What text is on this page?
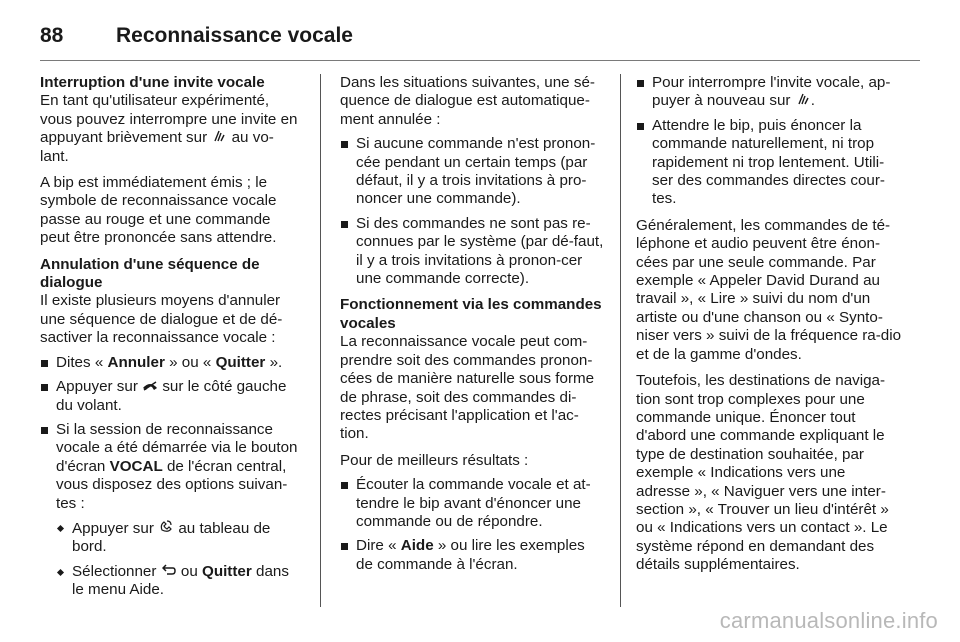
88	Reconnaissance vocale

Interruption d'une invite vocale
En tant qu'utilisateur expérimenté, vous pouvez interrompre une invite en appuyant brièvement sur  au vo-lant.

A bip est immédiatement émis ; le symbole de reconnaissance vocale passe au rouge et une commande peut être prononcée sans attendre.

Annulation d'une séquence de dialogue
Il existe plusieurs moyens d'annuler une séquence de dialogue et de dé-sactiver la reconnaissance vocale :

Dites « Annuler » ou « Quitter ».
Appuyer sur  sur le côté gauche du volant.
Si la session de reconnaissance vocale a été démarrée via le bouton d'écran VOCAL de l'écran central, vous disposez des options suivan-tes :
Appuyer sur  au tableau de bord.
Sélectionner  ou Quitter dans le menu Aide.

Dans les situations suivantes, une sé-quence de dialogue est automatique-ment annulée :

Si aucune commande n'est pronon-cée pendant un certain temps (par défaut, il y a trois invitations à pro-noncer une commande).
Si des commandes ne sont pas re-connues par le système (par dé-faut, il y a trois invitations à pronon-cer une commande correcte).

Fonctionnement via les commandes vocales
La reconnaissance vocale peut com-prendre soit des commandes pronon-cées de manière naturelle sous forme de phrase, soit des commandes di-rectes précisant l'application et l'ac-tion.

Pour de meilleurs résultats :

Écouter la commande vocale et at-tendre le bip avant d'énoncer une commande ou de répondre.
Dire « Aide » ou lire les exemples de commande à l'écran.
Pour interrompre l'invite vocale, ap-puyer à nouveau sur .
Attendre le bip, puis énoncer la commande naturellement, ni trop rapidement ni trop lentement. Utili-ser des commandes directes cour-tes.

Généralement, les commandes de té-léphone et audio peuvent être énon-cées par une seule commande. Par exemple « Appeler David Durand au travail », « Lire » suivi du nom d'un artiste ou d'une chanson ou « Synto-niser vers » suivi de la fréquence ra-dio et de la gamme d'ondes.

Toutefois, les destinations de naviga-tion sont trop complexes pour une commande unique. Énoncer tout d'abord une commande expliquant le type de destination souhaitée, par exemple « Indications vers une adresse », « Naviguer vers une inter-section », « Trouver un lieu d'intérêt » ou « Indications vers un contact ». Le système répond en demandant des détails supplémentaires.

carmanualsonline.info
